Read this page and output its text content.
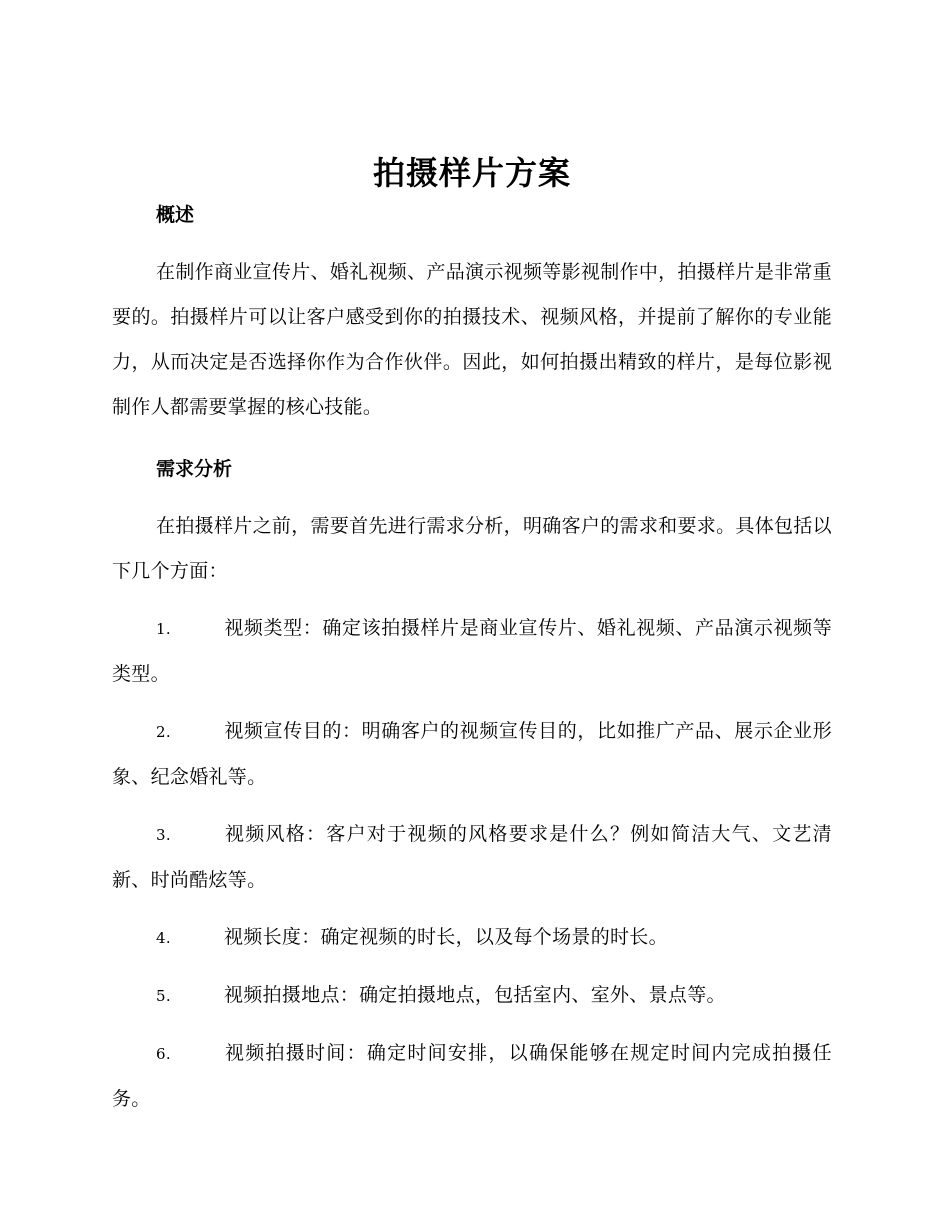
拍摄样片方案
概述

在制作商业宣传片、婚礼视频、产品演示视频等影视制作中，拍摄样片是非常重要的。拍摄样片可以让客户感受到你的拍摄技术、视频风格，并提前了解你的专业能力，从而决定是否选择你作为合作伙伴。因此，如何拍摄出精致的样片，是每位影视制作人都需要掌握的核心技能。

需求分析

在拍摄样片之前，需要首先进行需求分析，明确客户的需求和要求。具体包括以下几个方面：

1.	视频类型：确定该拍摄样片是商业宣传片、婚礼视频、产品演示视频等类型。
2.	视频宣传目的：明确客户的视频宣传目的，比如推广产品、展示企业形象、纪念婚礼等。
3.	视频风格：客户对于视频的风格要求是什么？例如简洁大气、文艺清新、时尚酷炫等。
4.	视频长度：确定视频的时长，以及每个场景的时长。
5.	视频拍摄地点：确定拍摄地点，包括室内、室外、景点等。
6.	视频拍摄时间：确定时间安排，以确保能够在规定时间内完成拍摄任务。
